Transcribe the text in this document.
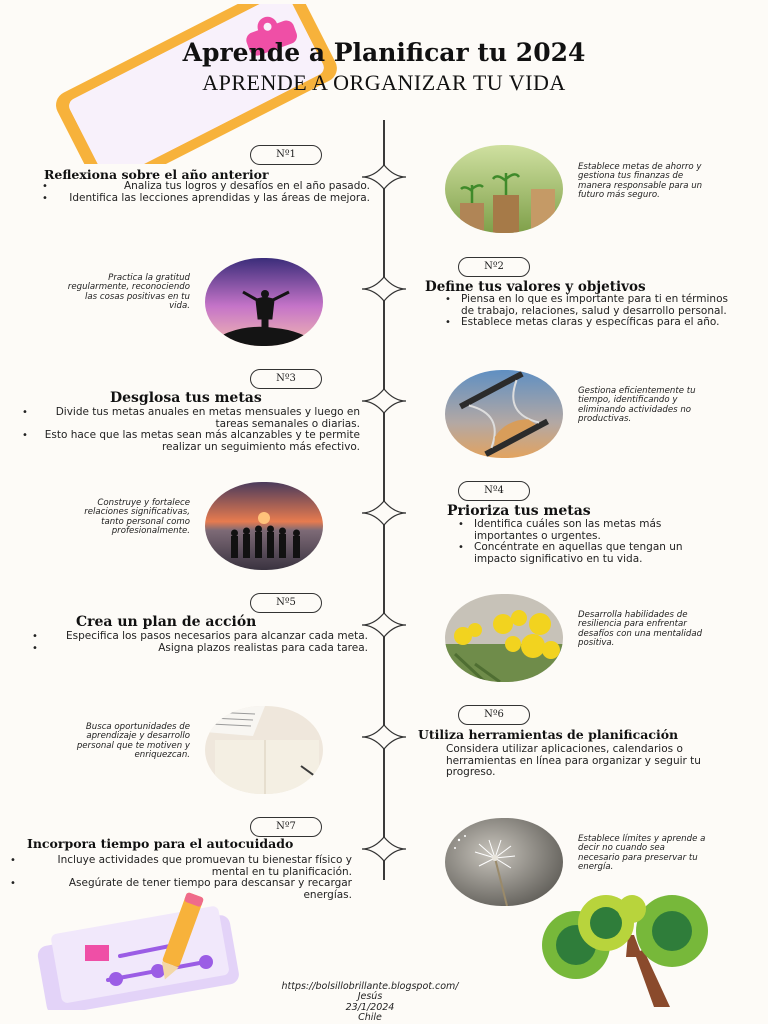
Aprende a Planificar tu 2024
APRENDE A ORGANIZAR TU VIDA
Nº1
Reflexiona sobre el año anterior
• Analiza tus logros y desafíos en el año pasado.
• Identifica las lecciones aprendidas y las áreas de mejora.
Establece metas de ahorro y gestiona tus finanzas de manera responsable para un futuro más seguro.
Practica la gratitud regularmente, reconociendo las cosas positivas en tu vida.
Nº2
Define tus valores y objetivos
• Piensa en lo que es importante para ti en términos de trabajo, relaciones, salud y desarrollo personal.
• Establece metas claras y específicas para el año.
Nº3
Desglosa tus metas
• Divide tus metas anuales en metas mensuales y luego en tareas semanales o diarias.
• Esto hace que las metas sean más alcanzables y te permite realizar un seguimiento más efectivo.
Gestiona eficientemente tu tiempo, identificando y eliminando actividades no productivas.
Construye y fortalece relaciones significativas, tanto personal como profesionalmente.
Nº4
Prioriza tus metas
• Identifica cuáles son las metas más importantes o urgentes.
• Concéntrate en aquellas que tengan un impacto significativo en tu vida.
Nº5
Crea un plan de acción
• Especifica los pasos necesarios para alcanzar cada meta.
• Asigna plazos realistas para cada tarea.
Desarrolla habilidades de resiliencia para enfrentar desafíos con una mentalidad positiva.
Busca oportunidades de aprendizaje y desarrollo personal que te motiven y enriquezcan.
Nº6
Utiliza herramientas de planificación
Considera utilizar aplicaciones, calendarios o herramientas en línea para organizar y seguir tu progreso.
Nº7
Incorpora tiempo para el autocuidado
• Incluye actividades que promuevan tu bienestar físico y mental en tu planificación.
• Asegúrate de tener tiempo para descansar y recargar energías.
Establece límites y aprende a decir no cuando sea necesario para preservar tu energía.
https://bolsillobrillante.blogspot.com/
Jesús
23/1/2024
Chile
